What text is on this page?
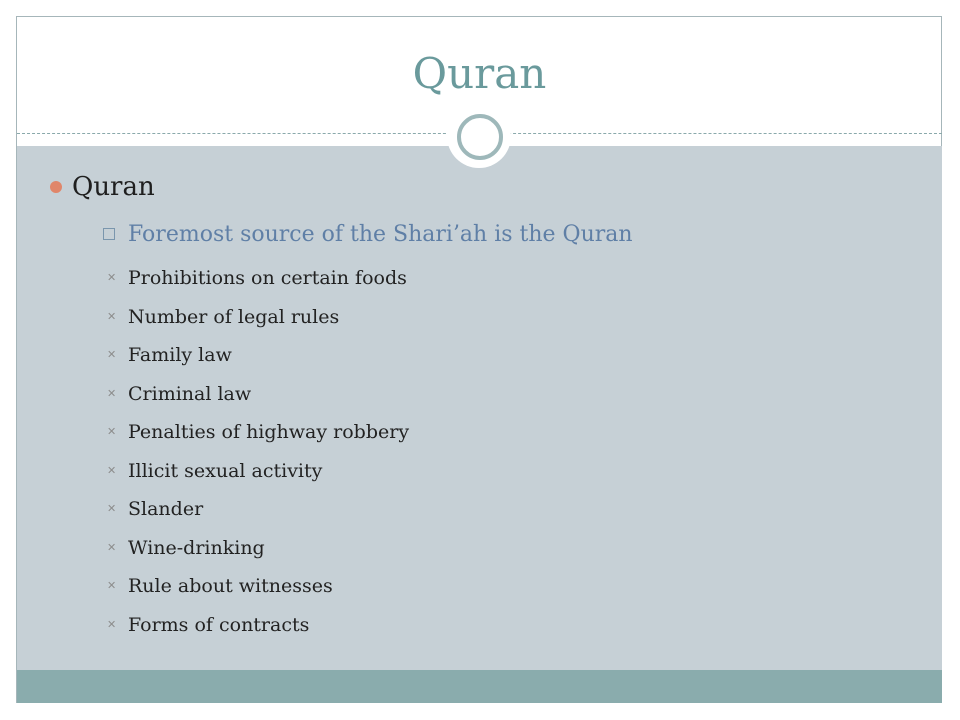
Quran
Quran
Foremost source of the Shari’ah is the Quran
✕ Prohibitions on certain foods
✕ Number of legal rules
✕ Family law
✕ Criminal law
✕ Penalties of highway robbery
✕ Illicit sexual activity
✕ Slander
✕ Wine-drinking
✕ Rule about witnesses
✕ Forms of contracts
